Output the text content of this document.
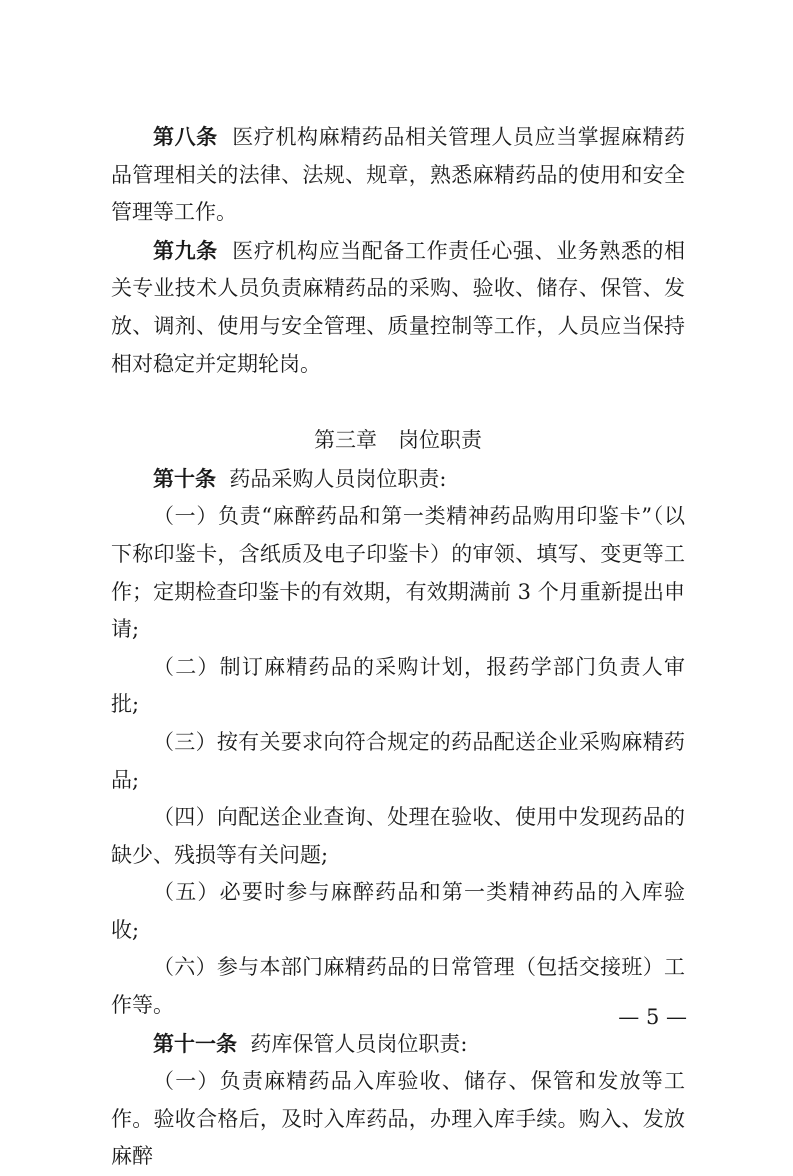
第八条 医疗机构麻精药品相关管理人员应当掌握麻精药品管理相关的法律、法规、规章，熟悉麻精药品的使用和安全管理等工作。

第九条 医疗机构应当配备工作责任心强、业务熟悉的相关专业技术人员负责麻精药品的采购、验收、储存、保管、发放、调剂、使用与安全管理、质量控制等工作，人员应当保持相对稳定并定期轮岗。

第三章　岗位职责

第十条 药品采购人员岗位职责:

（一）负责“麻醉药品和第一类精神药品购用印鉴卡”（以下称印鉴卡，含纸质及电子印鉴卡）的审领、填写、变更等工作；定期检查印鉴卡的有效期，有效期满前 3 个月重新提出申请;

（二）制订麻精药品的采购计划，报药学部门负责人审批;

（三）按有关要求向符合规定的药品配送企业采购麻精药品;

（四）向配送企业查询、处理在验收、使用中发现药品的缺少、残损等有关问题;

（五）必要时参与麻醉药品和第一类精神药品的入库验收;

（六）参与本部门麻精药品的日常管理（包括交接班）工作等。

第十一条 药库保管人员岗位职责:

（一）负责麻精药品入库验收、储存、保管和发放等工作。验收合格后，及时入库药品，办理入库手续。购入、发放麻醉

— 5 —
